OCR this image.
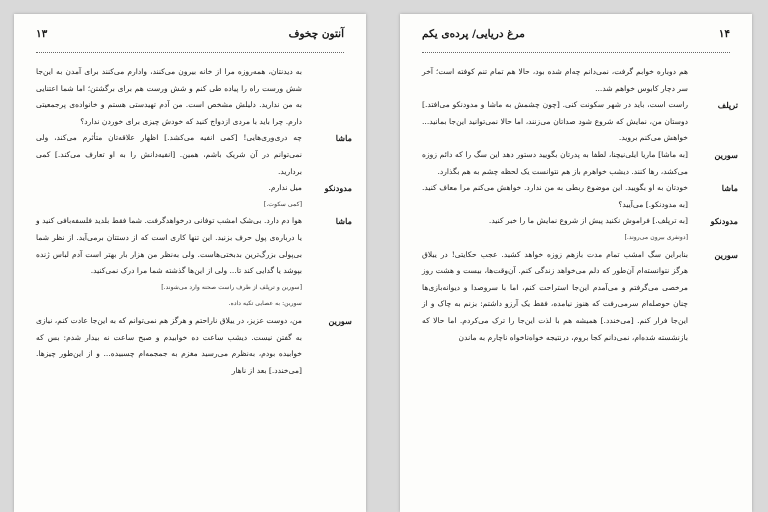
آنتون چخوف
۱۳
به دیدنتان، همه‌روزه مرا از خانه بیرون می‌کنند، وادارم می‌کنند برای آمدن به این‌جا شش ورست راه را پیاده طی کنم و شش ورست هم برای برگشتن؛ اما شما اعتنایی به من ندارید. دلیلش مشخص است. من آدم تهیدستی هستم و خانواده‌ی پرجمعیتی دارم. چرا باید با مردی ازدواج کنید که خودش چیزی برای خوردن ندارد؟
ماشا
چه دری‌وری‌هایی! [کمی انفیه می‌کشد.] اظهار علاقه‌تان متأثرم می‌کند، ولی نمی‌توانم در آن شریک باشم، همین. [انفیه‌دانش را به او تعارف می‌کند.] کمی بردارید.
مدودنکو
میل ندارم.
[کمی سکوت.]
ماشا
هوا دم دارد. بی‌شک امشب توفانی درخواهدگرفت. شما فقط بلدید فلسفه‌بافی کنید و یا درباره‌ی پول حرف بزنید. این تنها کاری است که از دستتان برمی‌آید. از نظر شما بی‌پولی بزرگ‌ترین بدبختی‌هاست. ولی به‌نظر من هزار بار بهتر است آدم لباس ژنده بپوشد یا گدایی کند تا... ولی از این‌ها گذشته شما مرا درک نمی‌کنید.
[سورین و ترپلف از طرف راست صحنه وارد می‌شوند.]
سورین: به عصایی تکیه داده.
سورین
من، دوست عزیز، در ییلاق ناراحتم و هرگز هم نمی‌توانم که به این‌جا عادت کنم، نیازی به گفتن نیست. دیشب ساعت ده خوابیدم و صبح ساعت نه بیدار شدم: بس که خوابیده بودم، به‌نظرم می‌رسید مغزم به جمجمه‌ام چسبیده... و از این‌طور چیزها. [می‌خندد.] بعد از ناهار
۱۴
مرغ دریایی/ پرده‌ی یکم
هم دوباره خوابم گرفت، نمی‌دانم چه‌ام شده بود، حالا هم تمام تنم کوفته است؛ آخر سر دچار کابوس خواهم شد...
ترپلف
راست است، باید در شهر سکونت کنی. [چون چشمش به ماشا و مدودنکو می‌افتد.] دوستان من، نمایش که شروع شود صداتان می‌زنند، اما حالا نمی‌توانید این‌جا بمانید... خواهش می‌کنم بروید.
سورین
[به ماشا] ماریا ایلی‌نیچنا، لطفا به پدرتان بگویید دستور دهد این سگ را که دائم زوزه می‌کشد، رها کنند. دیشب خواهرم باز هم نتوانست یک لحظه چشم به هم بگذارد.
ماشا
خودتان به او بگویید. این موضوع ربطی به من ندارد. خواهش می‌کنم مرا معاف کنید. [به مدودنکو.] می‌آیید؟
مدودنکو
[به ترپلف.] فراموش نکنید پیش از شروع نمایش ما را خبر کنید.
[دونفری بیرون می‌روند.]
سورین
بنابراین سگ امشب تمام مدت بازهم زوزه خواهد کشید. عجب حکایتی! در ییلاق هرگز نتوانسته‌ام آن‌طور که دلم می‌خواهد زندگی کنم. آن‌وقت‌ها، بیست و هشت روز مرخصی می‌گرفتم و می‌آمدم این‌جا استراحت کنم، اما با سروصدا و دیوانه‌بازی‌ها چنان حوصله‌ام سرمی‌رفت که هنوز نیامده، فقط یک آرزو داشتم: بزنم به چاک و از این‌جا فرار کنم. [می‌خندد.] همیشه هم با لذت این‌جا را ترک می‌کردم. اما حالا که بازنشسته شده‌ام، نمی‌دانم کجا بروم، درنتیجه خواه‌ناخواه ناچارم به ماندن
